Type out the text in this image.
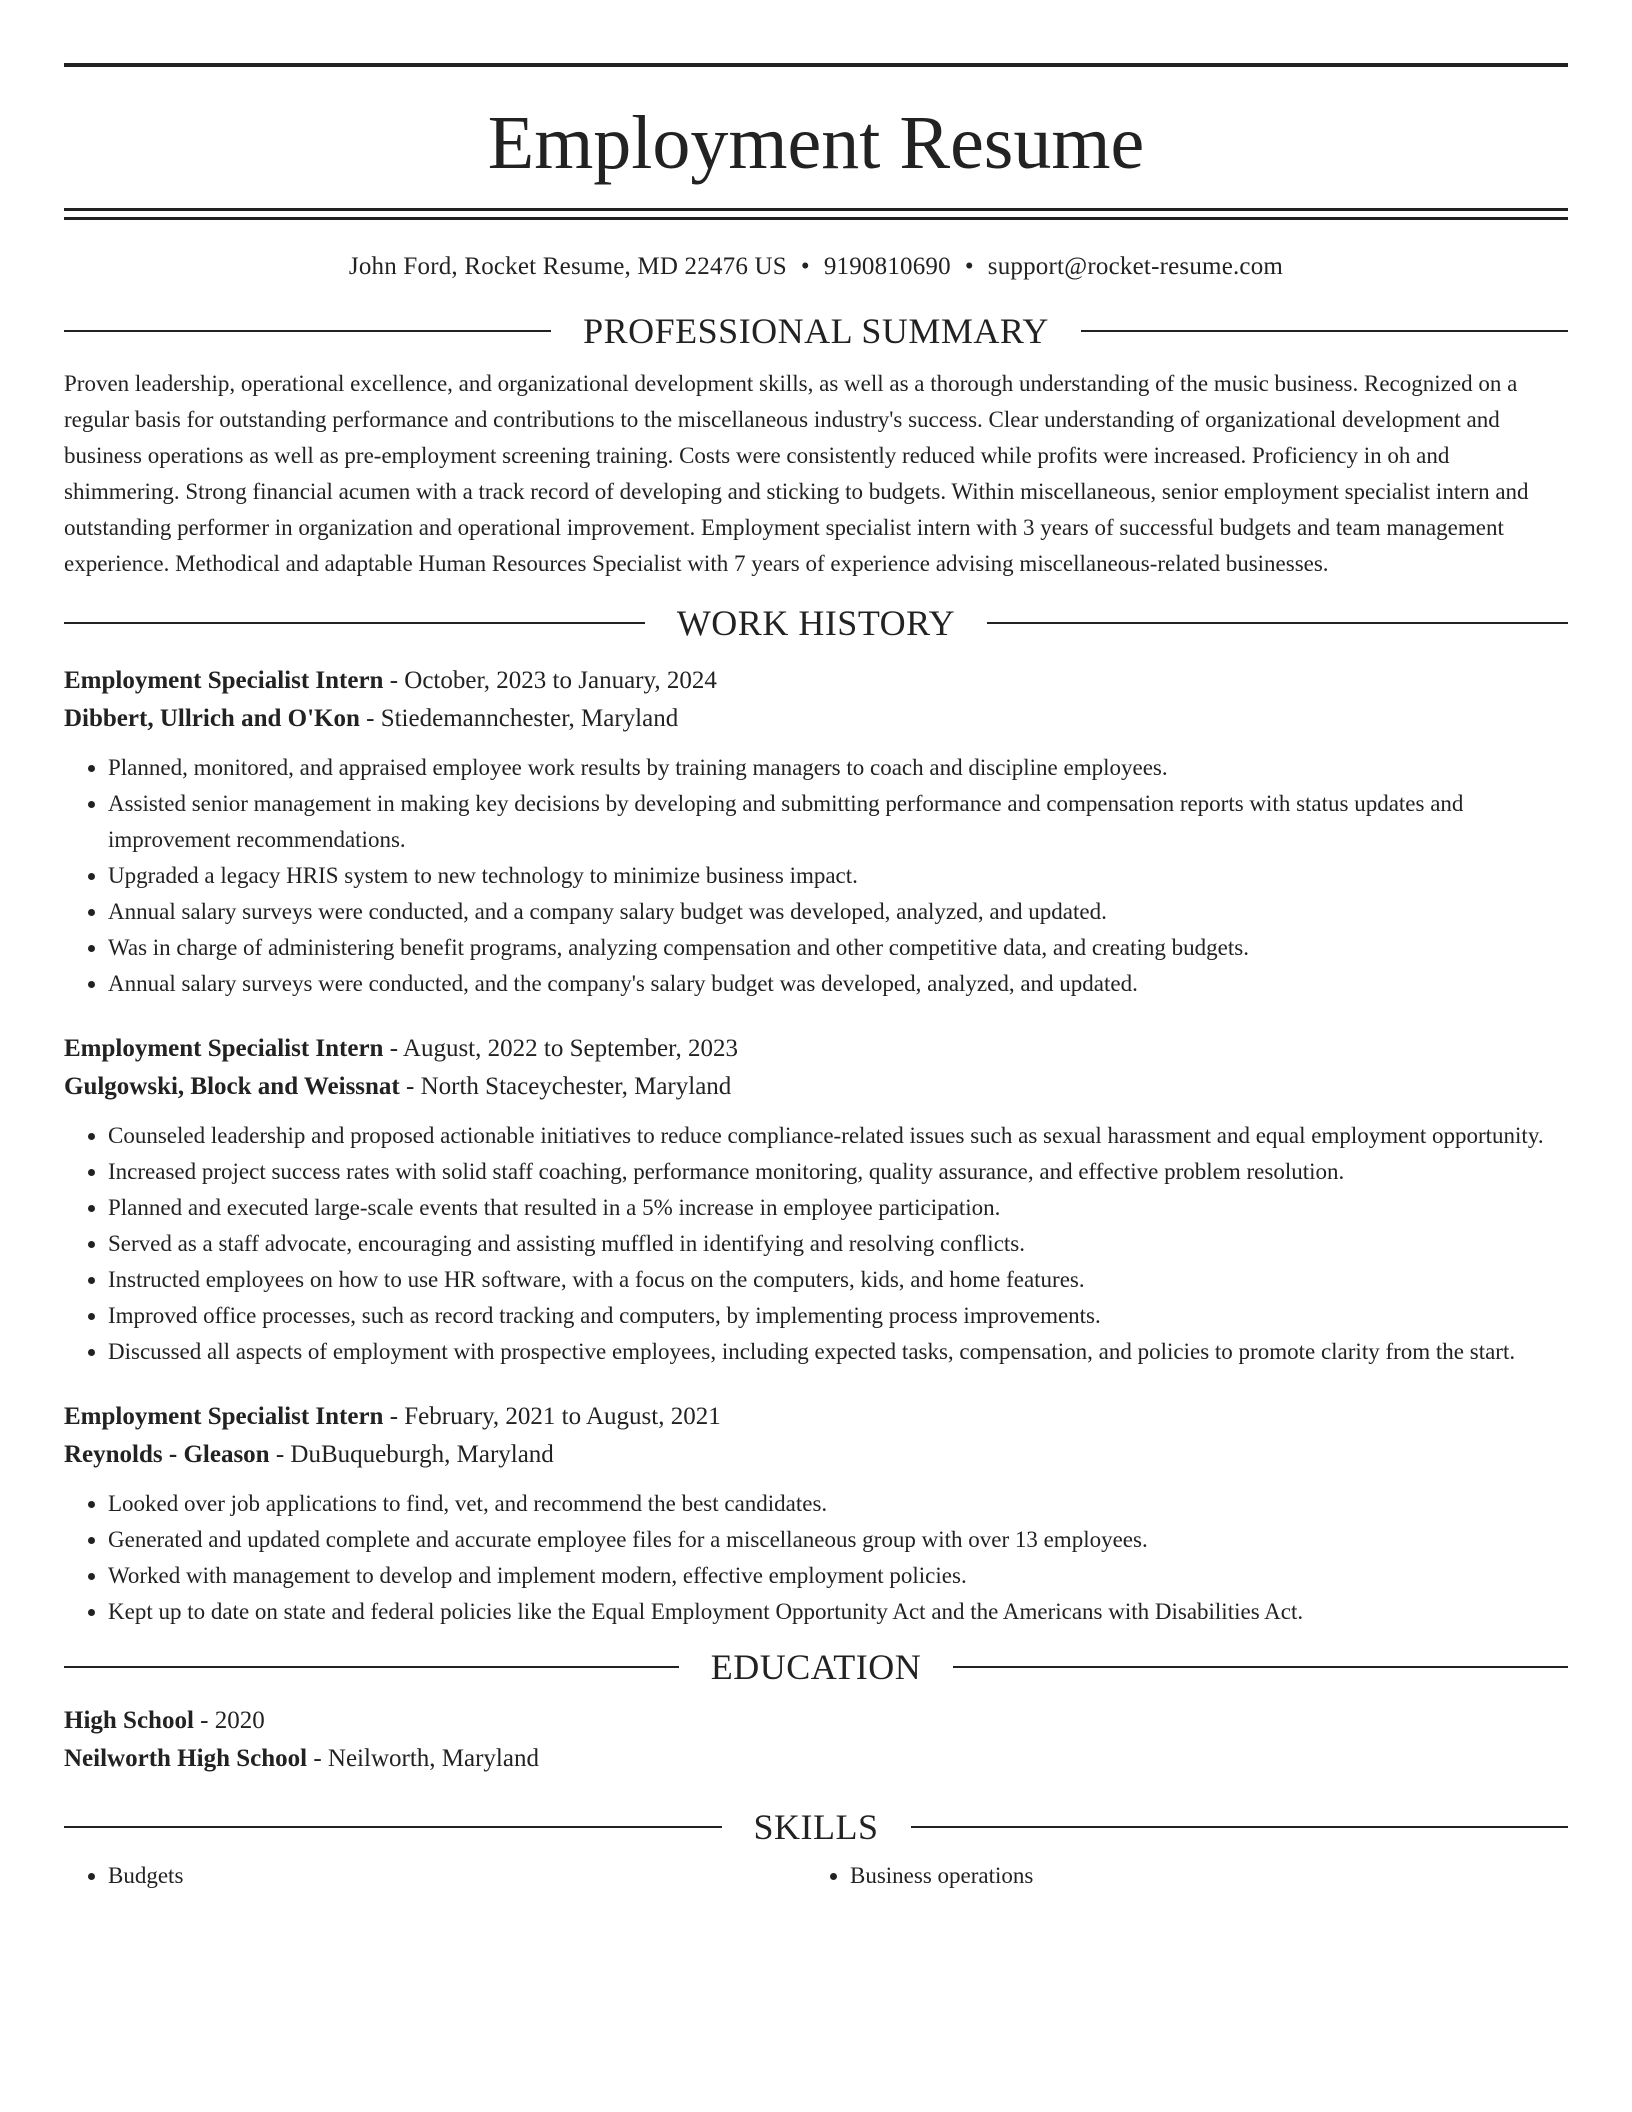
Employment Resume
John Ford, Rocket Resume, MD 22476 US • 9190810690 • support@rocket-resume.com
PROFESSIONAL SUMMARY
Proven leadership, operational excellence, and organizational development skills, as well as a thorough understanding of the music business. Recognized on a regular basis for outstanding performance and contributions to the miscellaneous industry's success. Clear understanding of organizational development and business operations as well as pre-employment screening training. Costs were consistently reduced while profits were increased. Proficiency in oh and shimmering. Strong financial acumen with a track record of developing and sticking to budgets. Within miscellaneous, senior employment specialist intern and outstanding performer in organization and operational improvement. Employment specialist intern with 3 years of successful budgets and team management experience. Methodical and adaptable Human Resources Specialist with 7 years of experience advising miscellaneous-related businesses.
WORK HISTORY
Employment Specialist Intern - October, 2023 to January, 2024
Dibbert, Ullrich and O'Kon - Stiedemannchester, Maryland
• Planned, monitored, and appraised employee work results by training managers to coach and discipline employees.
• Assisted senior management in making key decisions by developing and submitting performance and compensation reports with status updates and improvement recommendations.
• Upgraded a legacy HRIS system to new technology to minimize business impact.
• Annual salary surveys were conducted, and a company salary budget was developed, analyzed, and updated.
• Was in charge of administering benefit programs, analyzing compensation and other competitive data, and creating budgets.
• Annual salary surveys were conducted, and the company's salary budget was developed, analyzed, and updated.
Employment Specialist Intern - August, 2022 to September, 2023
Gulgowski, Block and Weissnat - North Staceychester, Maryland
• Counseled leadership and proposed actionable initiatives to reduce compliance-related issues such as sexual harassment and equal employment opportunity.
• Increased project success rates with solid staff coaching, performance monitoring, quality assurance, and effective problem resolution.
• Planned and executed large-scale events that resulted in a 5% increase in employee participation.
• Served as a staff advocate, encouraging and assisting muffled in identifying and resolving conflicts.
• Instructed employees on how to use HR software, with a focus on the computers, kids, and home features.
• Improved office processes, such as record tracking and computers, by implementing process improvements.
• Discussed all aspects of employment with prospective employees, including expected tasks, compensation, and policies to promote clarity from the start.
Employment Specialist Intern - February, 2021 to August, 2021
Reynolds - Gleason - DuBuqueburgh, Maryland
• Looked over job applications to find, vet, and recommend the best candidates.
• Generated and updated complete and accurate employee files for a miscellaneous group with over 13 employees.
• Worked with management to develop and implement modern, effective employment policies.
• Kept up to date on state and federal policies like the Equal Employment Opportunity Act and the Americans with Disabilities Act.
EDUCATION
High School - 2020
Neilworth High School - Neilworth, Maryland
SKILLS
• Budgets
•	Business operations
